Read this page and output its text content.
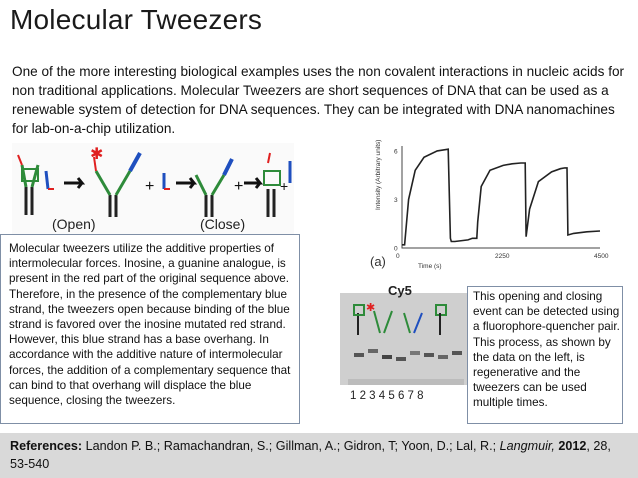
Molecular Tweezers
One of the more interesting biological examples uses the non covalent interactions in nucleic acids for non traditional applications. Molecular Tweezers are short sequences of DNA that can be used as a renewable system of detection for DNA sequences. They can be integrated with DNA nanomachines for lab-on-a-chip utilization.
✱
+	+	+
(Open)	(Close)
Intensity (Arbitrary units)
0
3
6
0	2250	4500
Time (s)
(a)
Cy5
✱
1 2 3 4 5 6 7 8
Molecular tweezers utilize the additive properties of intermolecular forces. Inosine, a guanine analogue, is present in the red part of the original sequence above. Therefore, in the presence of the complementary blue strand, the tweezers open because binding of the blue strand is favored over the inosine mutated red strand. However, this blue strand has a base overhang. In accordance with the additive nature of intermolecular forces, the addition of a complementary sequence that can bind to that overhang will displace the blue sequence, closing the tweezers.
This opening and closing event can be detected using a fluorophore-quencher pair. This process, as shown by the data on the left, is regenerative and the tweezers can be used multiple times.
References: Landon P. B.; Ramachandran, S.; Gillman, A.; Gidron, T; Yoon, D.; Lal, R.; Langmuir, 2012, 28, 53-540
